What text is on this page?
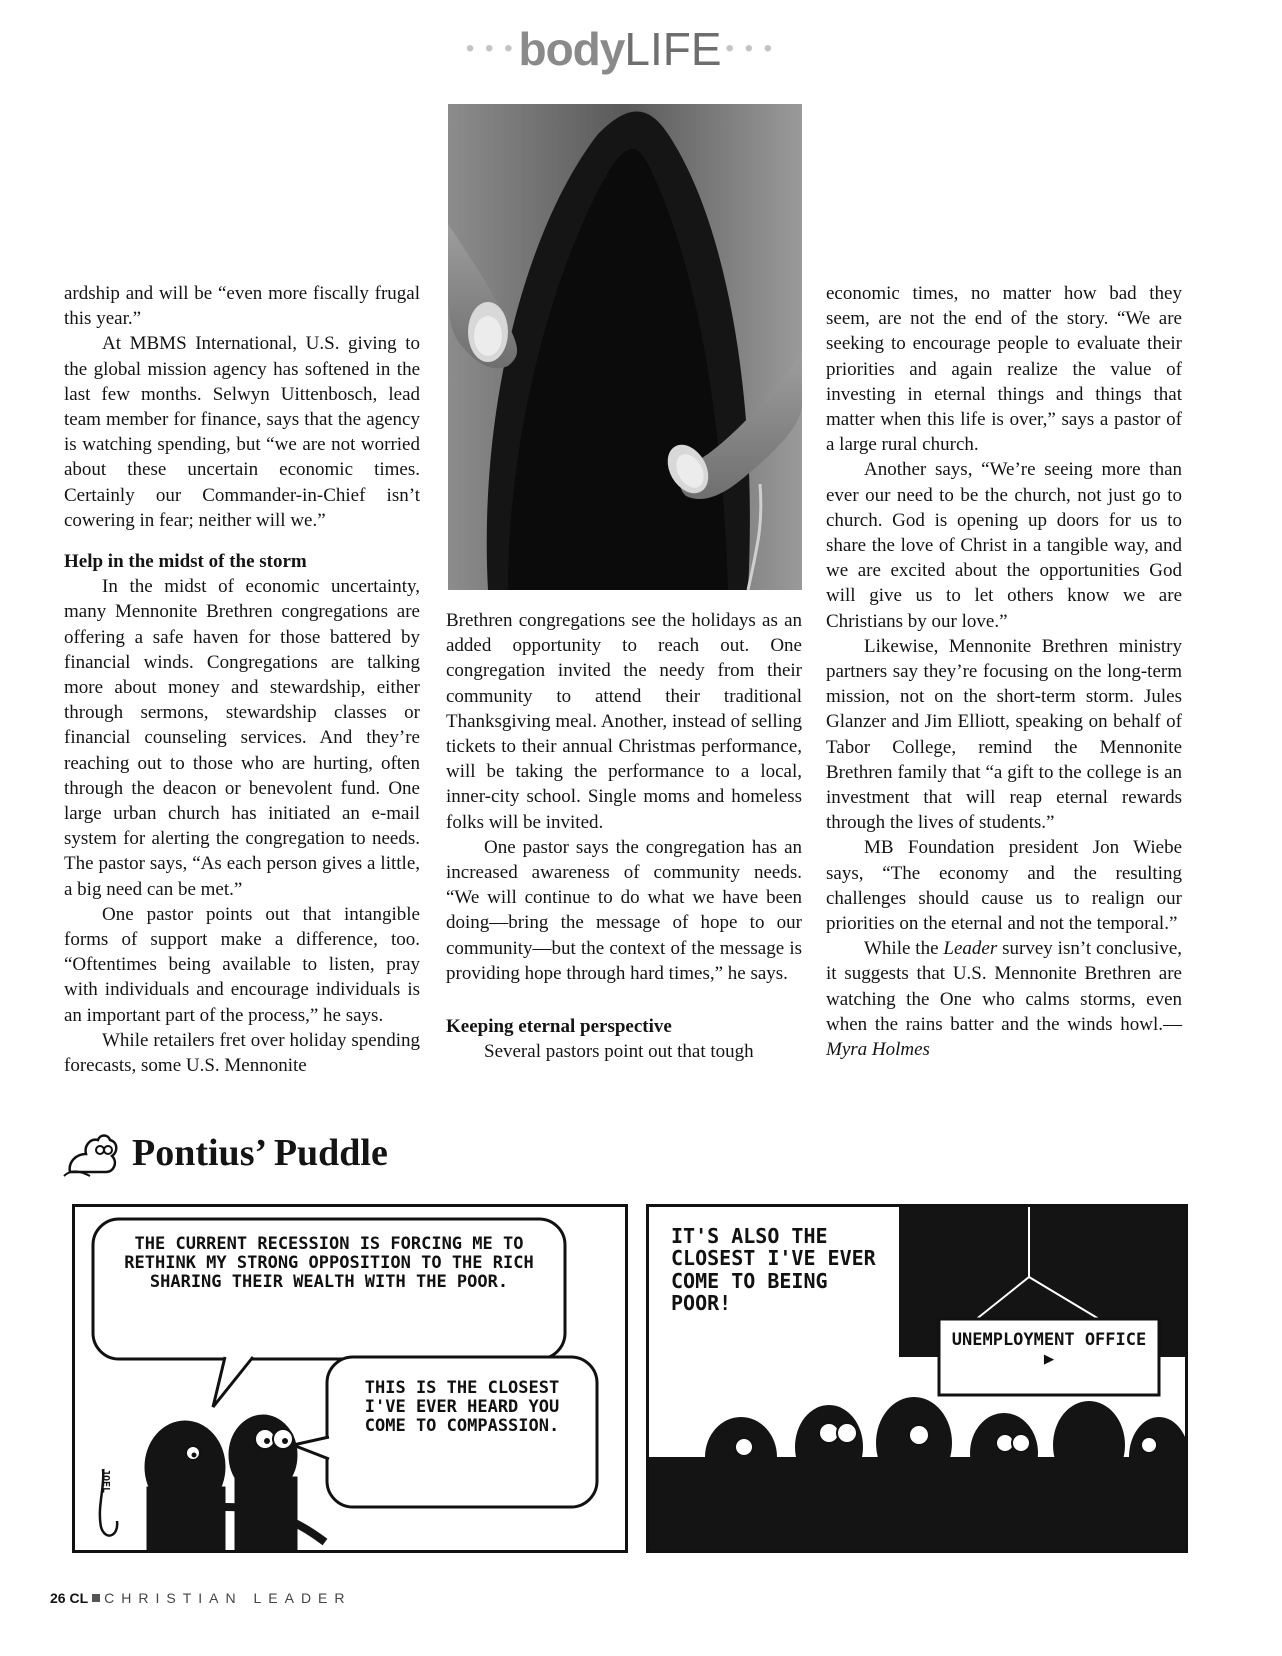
• • • bodyLIFE • • •

ardship and will be “even more fiscally frugal this year.”

At MBMS International, U.S. giving to the global mission agency has softened in the last few months. Selwyn Uittenbosch, lead team member for finance, says that the agency is watching spending, but “we are not worried about these uncertain economic times. Certainly our Commander-in-Chief isn’t cowering in fear; neither will we.”

Help in the midst of the storm

In the midst of economic uncertainty, many Mennonite Brethren congregations are offering a safe haven for those battered by financial winds. Congregations are talking more about money and stewardship, either through sermons, stewardship classes or financial counseling services. And they’re reaching out to those who are hurting, often through the deacon or benevolent fund. One large urban church has initiated an e-mail system for alerting the congregation to needs. The pastor says, “As each person gives a little, a big need can be met.”

One pastor points out that intangible forms of support make a difference, too. “Oftentimes being available to listen, pray with individuals and encourage individuals is an important part of the process,” he says.

While retailers fret over holiday spending forecasts, some U.S. Mennonite

Brethren congregations see the holidays as an added opportunity to reach out. One congregation invited the needy from their community to attend their traditional Thanksgiving meal. Another, instead of selling tickets to their annual Christmas performance, will be taking the performance to a local, inner-city school. Single moms and homeless folks will be invited.

One pastor says the congregation has an increased awareness of community needs. “We will continue to do what we have been doing—bring the message of hope to our community—but the context of the message is providing hope through hard times,” he says.

Keeping eternal perspective

Several pastors point out that tough

economic times, no matter how bad they seem, are not the end of the story. “We are seeking to encourage people to evaluate their priorities and again realize the value of investing in eternal things and things that matter when this life is over,” says a pastor of a large rural church.

Another says, “We’re seeing more than ever our need to be the church, not just go to church. God is opening up doors for us to share the love of Christ in a tangible way, and we are excited about the opportunities God will give us to let others know we are Christians by our love.”

Likewise, Mennonite Brethren ministry partners say they’re focusing on the long-term mission, not on the short-term storm. Jules Glanzer and Jim Elliott, speaking on behalf of Tabor College, remind the Mennonite Brethren family that “a gift to the college is an investment that will reap eternal rewards through the lives of students.”

MB Foundation president Jon Wiebe says, “The economy and the resulting challenges should cause us to realign our priorities on the eternal and not the temporal.”

While the Leader survey isn’t conclusive, it suggests that U.S. Mennonite Brethren are watching the One who calms storms, even when the rains batter and the winds howl.—Myra Holmes

Pontius’ Puddle
THE CURRENT RECESSION IS FORCING ME TO RETHINK MY STRONG OPPOSITION TO THE RICH SHARING THEIR WEALTH WITH THE POOR.
THIS IS THE CLOSEST I'VE EVER HEARD YOU COME TO COMPASSION.
JOEL
IT'S ALSO THE CLOSEST I'VE EVER COME TO BEING POOR!
UNEMPLOYMENT OFFICE ▶
26 CL CHRISTIAN LEADER
